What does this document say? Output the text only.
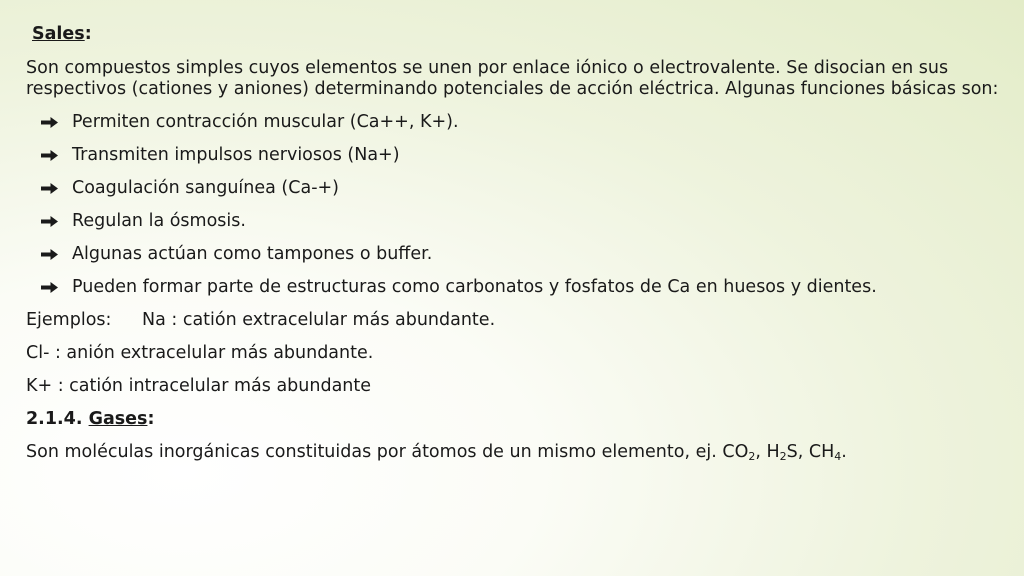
Sales:

Son compuestos simples cuyos elementos se unen por enlace iónico o electrovalente. Se disocian en sus respectivos (cationes y aniones) determinando potenciales de acción eléctrica. Algunas funciones básicas son:

Permiten contracción muscular (Ca++, K+).
Transmiten impulsos nerviosos (Na+)
Coagulación sanguínea (Ca-+)
Regulan la ósmosis.
Algunas actúan como tampones o buffer.
Pueden formar parte de estructuras como carbonatos y fosfatos de Ca en huesos y dientes.

Ejemplos:	Na : catión extracelular más abundante.

Cl- : anión extracelular más abundante.

K+ : catión intracelular más abundante

2.1.4. Gases:

Son moléculas inorgánicas constituidas por átomos de un mismo elemento, ej. $CO_2$, $H_2S$, $CH_4$.
